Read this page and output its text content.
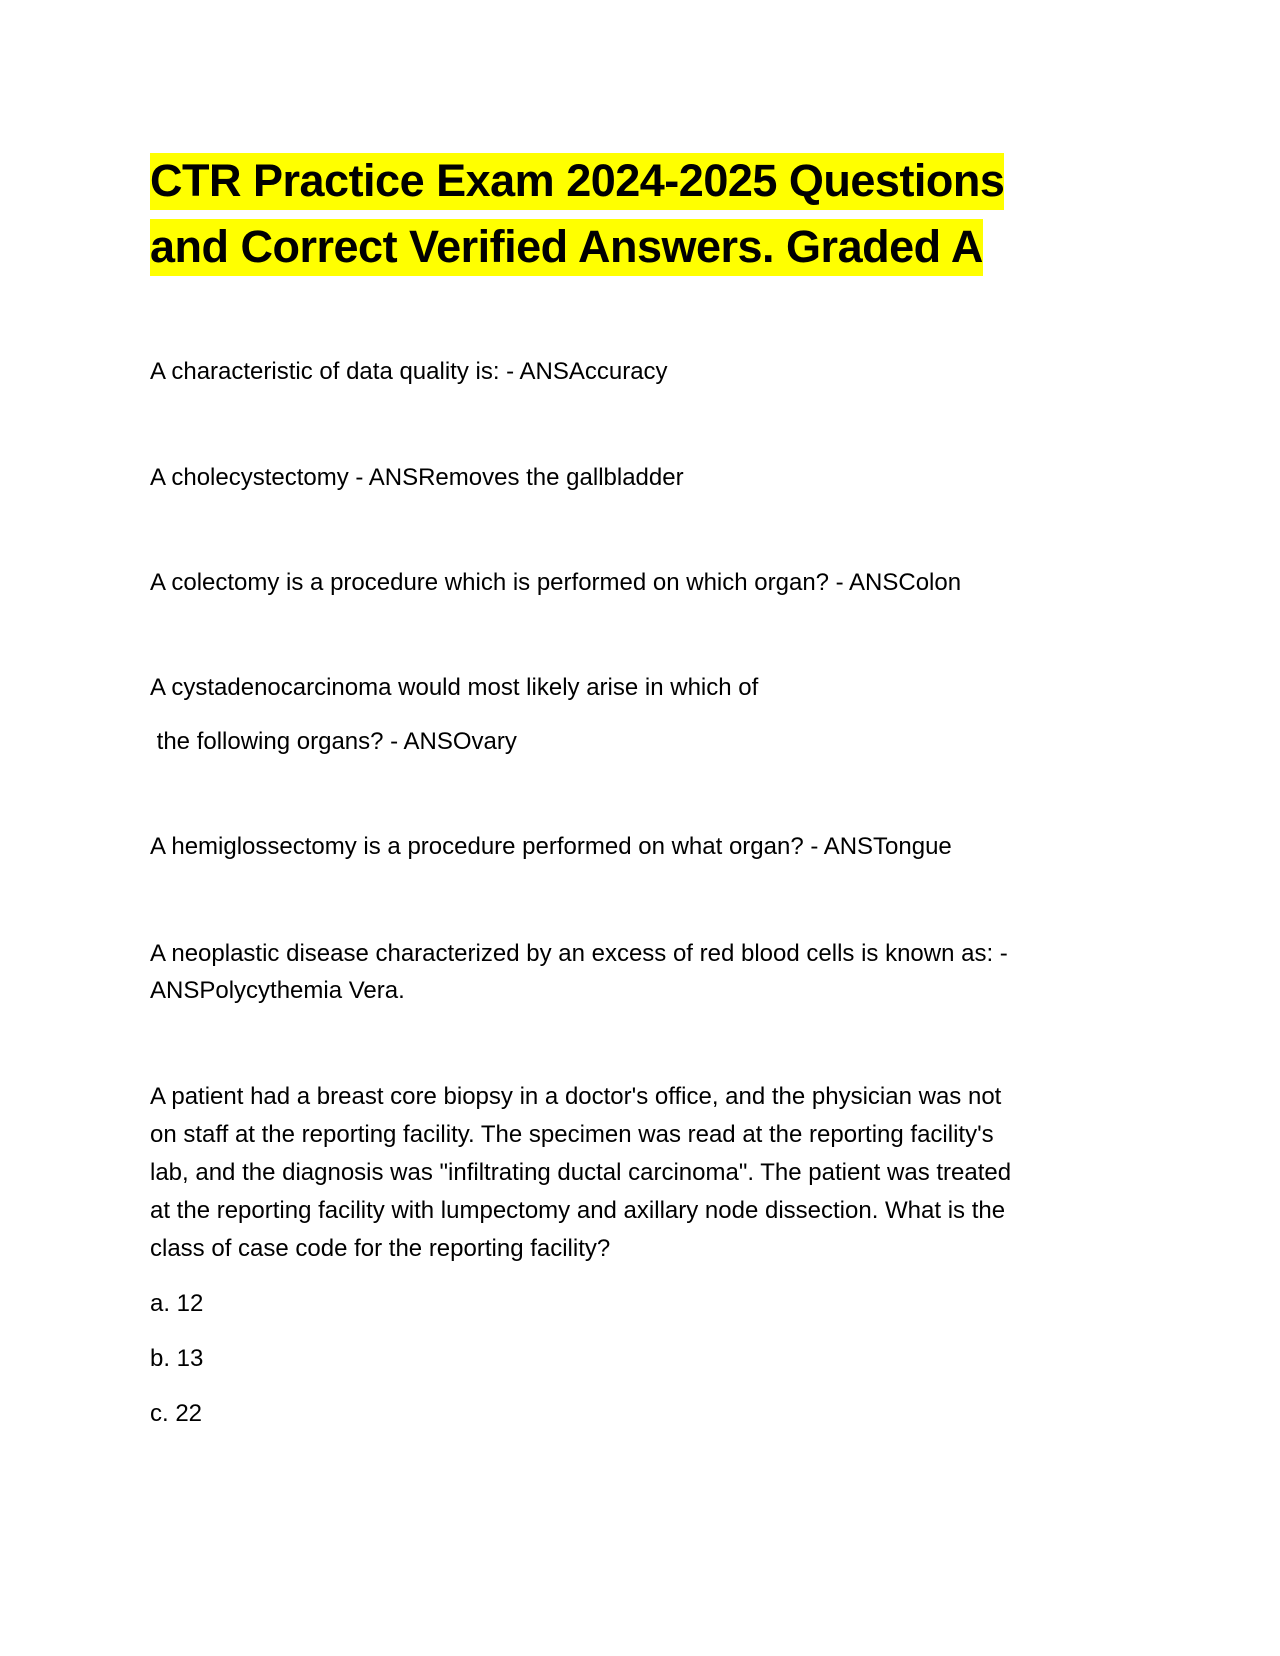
CTR Practice Exam 2024-2025 Questions
and Correct Verified Answers. Graded A

A characteristic of data quality is: - ANSAccuracy

A cholecystectomy - ANSRemoves the gallbladder

A colectomy is a procedure which is performed on which organ? - ANSColon

A cystadenocarcinoma would most likely arise in which of

the following organs? - ANSOvary

A hemiglossectomy is a procedure performed on what organ? - ANSTongue

A neoplastic disease characterized by an excess of red blood cells is known as: -

ANSPolycythemia Vera.

A patient had a breast core biopsy in a doctor's office, and the physician was not

on staff at the reporting facility. The specimen was read at the reporting facility's

lab, and the diagnosis was "infiltrating ductal carcinoma". The patient was treated

at the reporting facility with lumpectomy and axillary node dissection. What is the

class of case code for the reporting facility?

a. 12

b. 13

c. 22
